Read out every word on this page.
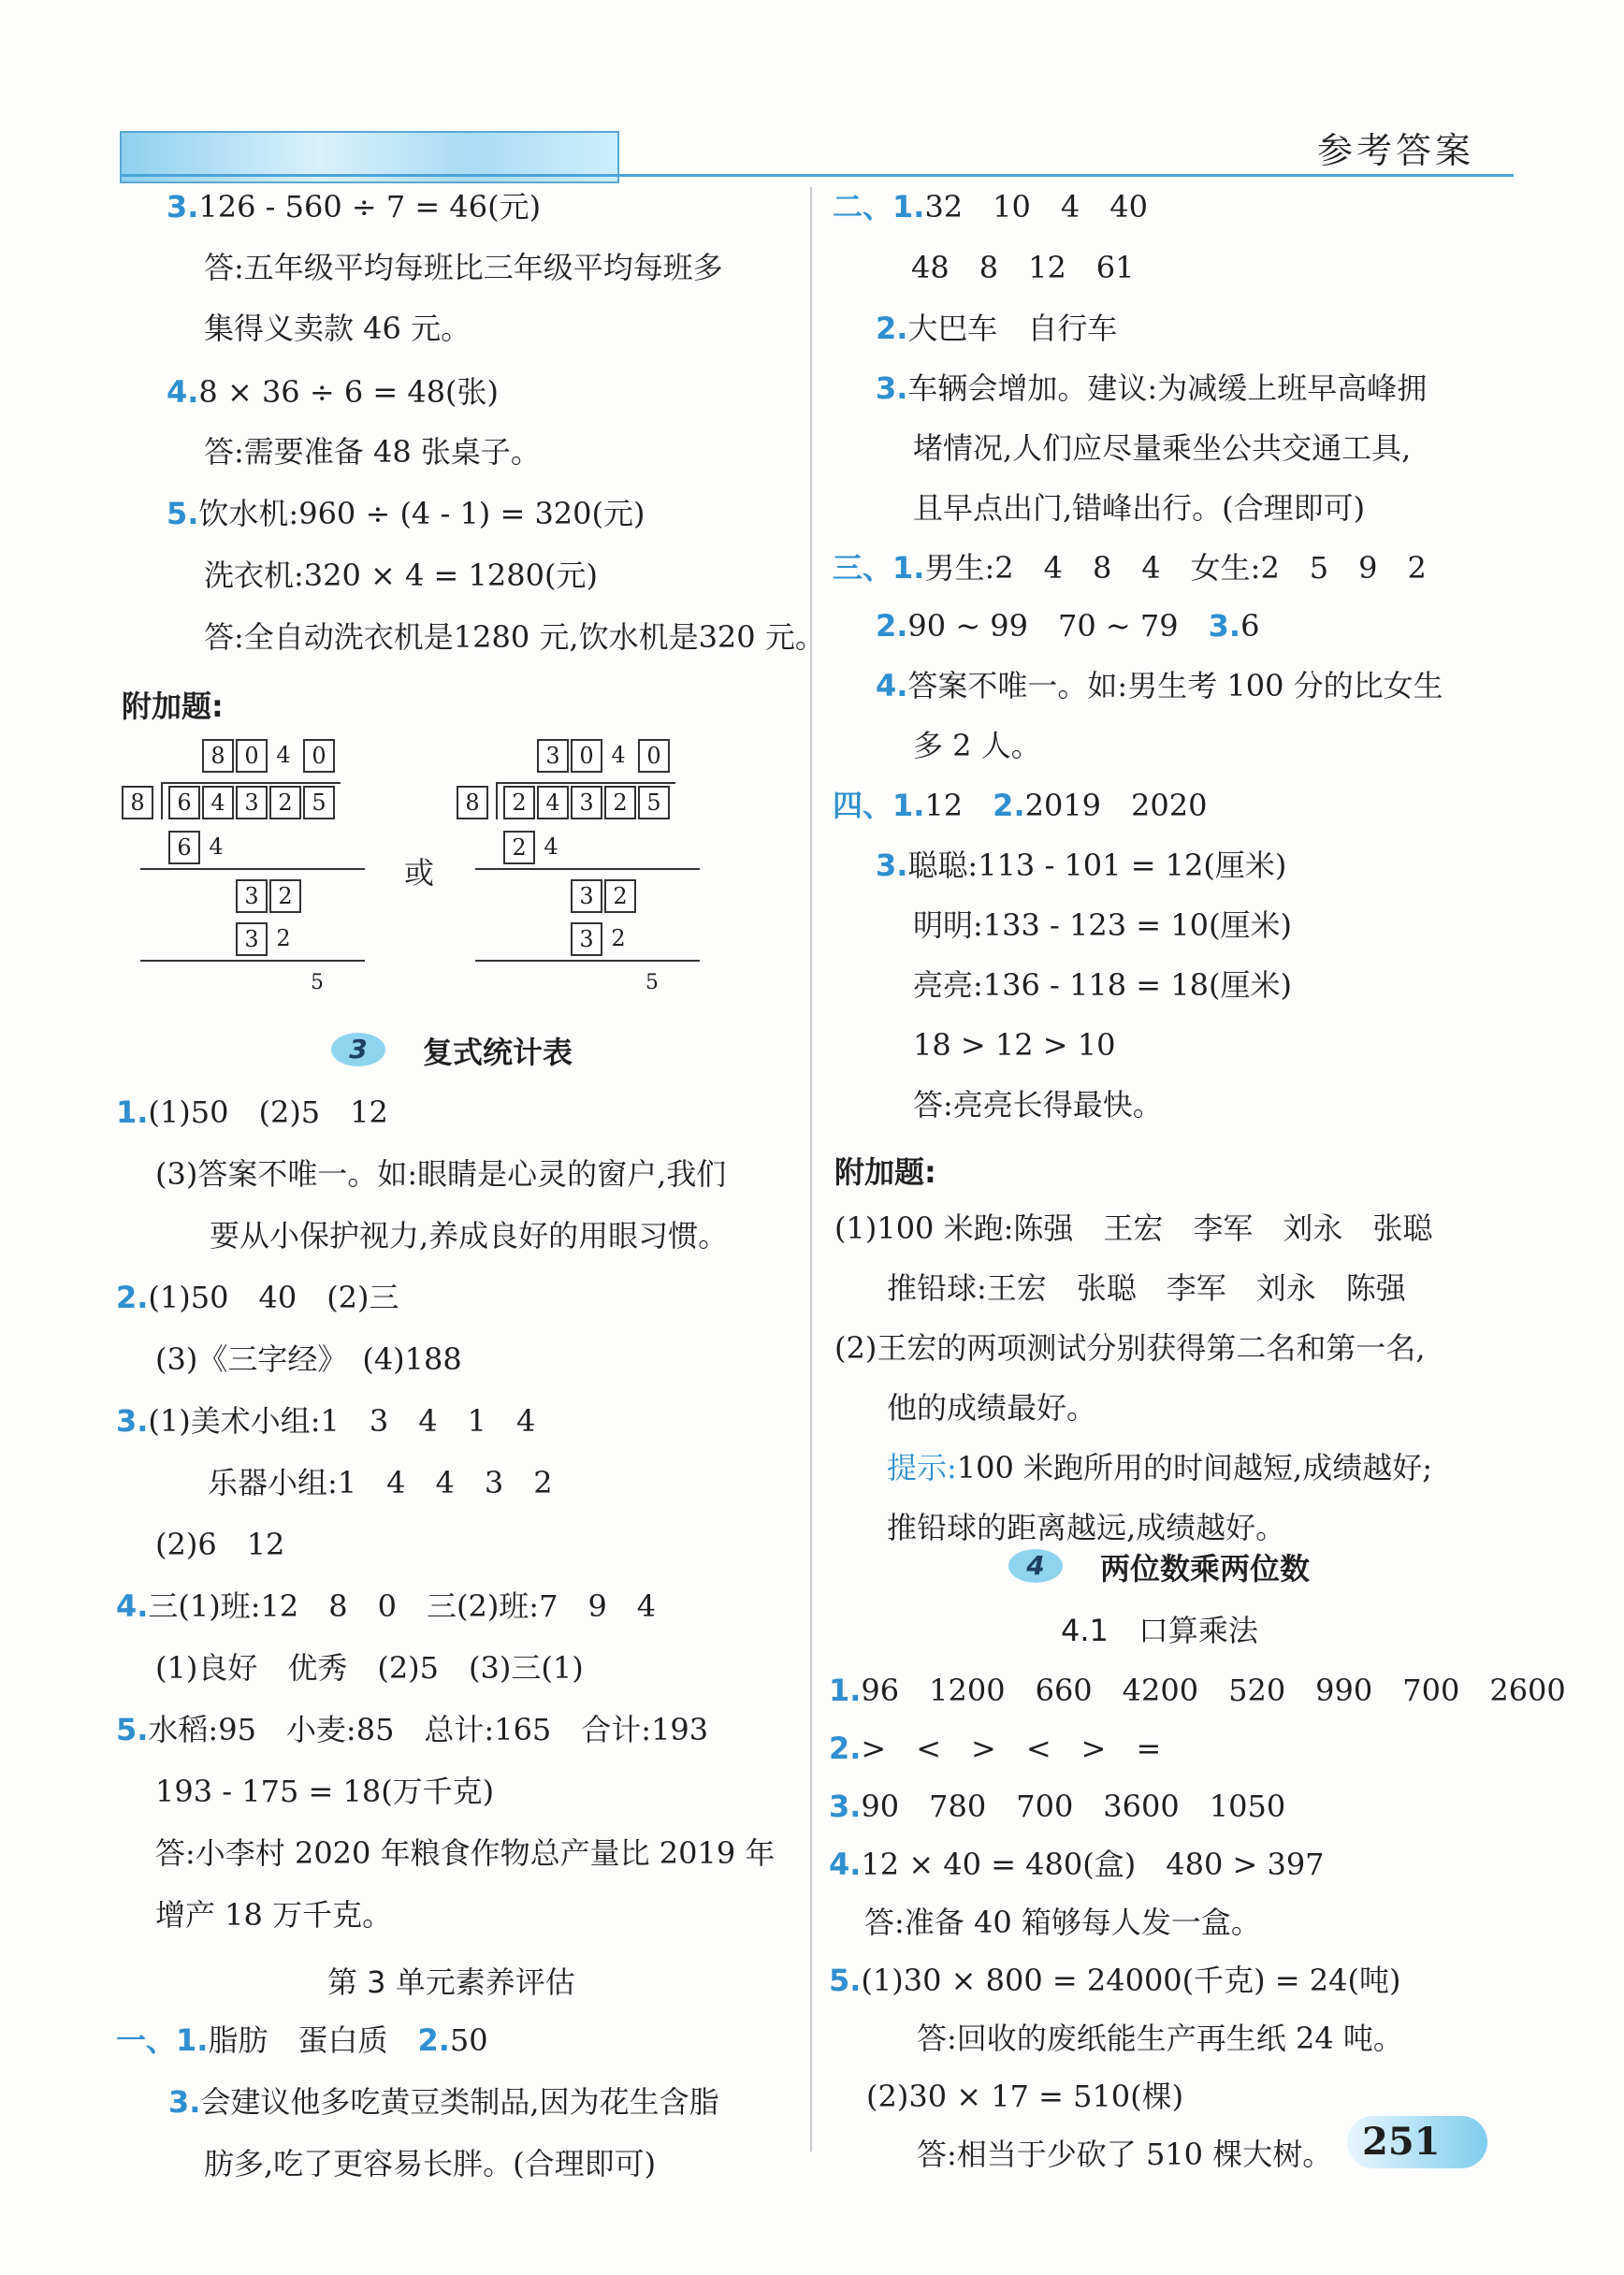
参考答案
3.126 - 560 ÷ 7 = 46(元)
答:五年级平均每班比三年级平均每班多
集得义卖款 46 元。
4.8 × 36 ÷ 6 = 48(张)
答:需要准备 48 张桌子。
5.饮水机:960 ÷ (4 - 1) = 320(元)
洗衣机:320 × 4 = 1280(元)
答:全自动洗衣机是1280 元,饮水机是320 元。
附加题:
或
3	复式统计表
1.(1)50　(2)5　12
(3)答案不唯一。如:眼睛是心灵的窗户,我们
要从小保护视力,养成良好的用眼习惯。
2.(1)50　40　(2)三
(3)《三字经》　(4)188
3.(1)美术小组:1　3　4　1　4
乐器小组:1　4　4　3　2
(2)6　12
4.三(1)班:12　8　0　三(2)班:7　9　4
(1)良好　优秀　(2)5　(3)三(1)
5.水稻:95　小麦:85　总计:165　合计:193
193 - 175 = 18(万千克)
答:小李村 2020 年粮食作物总产量比 2019 年
增产 18 万千克。
第 3 单元素养评估
一、1.脂肪　蛋白质　 2.50
3.会建议他多吃黄豆类制品,因为花生含脂
肪多,吃了更容易长胖。(合理即可)
二、1.32　10　4　40
48　8　12　61
2.大巴车　自行车
3.车辆会增加。建议:为减缓上班早高峰拥
堵情况,人们应尽量乘坐公共交通工具,
且早点出门,错峰出行。(合理即可)
三、1.男生:2　4　8　4　女生:2　5　9　2
2.90 ~ 99　70 ~ 79　 3.6
4.答案不唯一。如:男生考 100 分的比女生
多 2 人。
四、1.12　 2.2019　2020
3.聪聪:113 - 101 = 12(厘米)
明明:133 - 123 = 10(厘米)
亮亮:136 - 118 = 18(厘米)
18 > 12 > 10
答:亮亮长得最快。
附加题:
(1)100 米跑:陈强　王宏　李军　刘永　张聪
推铅球:王宏　张聪　李军　刘永　陈强
(2)王宏的两项测试分别获得第二名和第一名,
他的成绩最好。
提示:100 米跑所用的时间越短,成绩越好;
推铅球的距离越远,成绩越好。
4	两位数乘两位数
4.1　口算乘法
1.96　1200　660　4200　520　990　700　2600
2.>　<　>　<　>　=
3.90　780　700　3600　1050
4.12 × 40 = 480(盒)　480 > 397
答:准备 40 箱够每人发一盒。
5.(1)30 × 800 = 24000(千克) = 24(吨)
答:回收的废纸能生产再生纸 24 吨。
(2)30 × 17 = 510(棵)
答:相当于少砍了 510 棵大树。 251
8 0 4 0
8	6 4 3 2 5
6 4
3 2
3 2
5
3 0 4 0
8	2 4 3 2 5
2 4
3 2
3 2
5
